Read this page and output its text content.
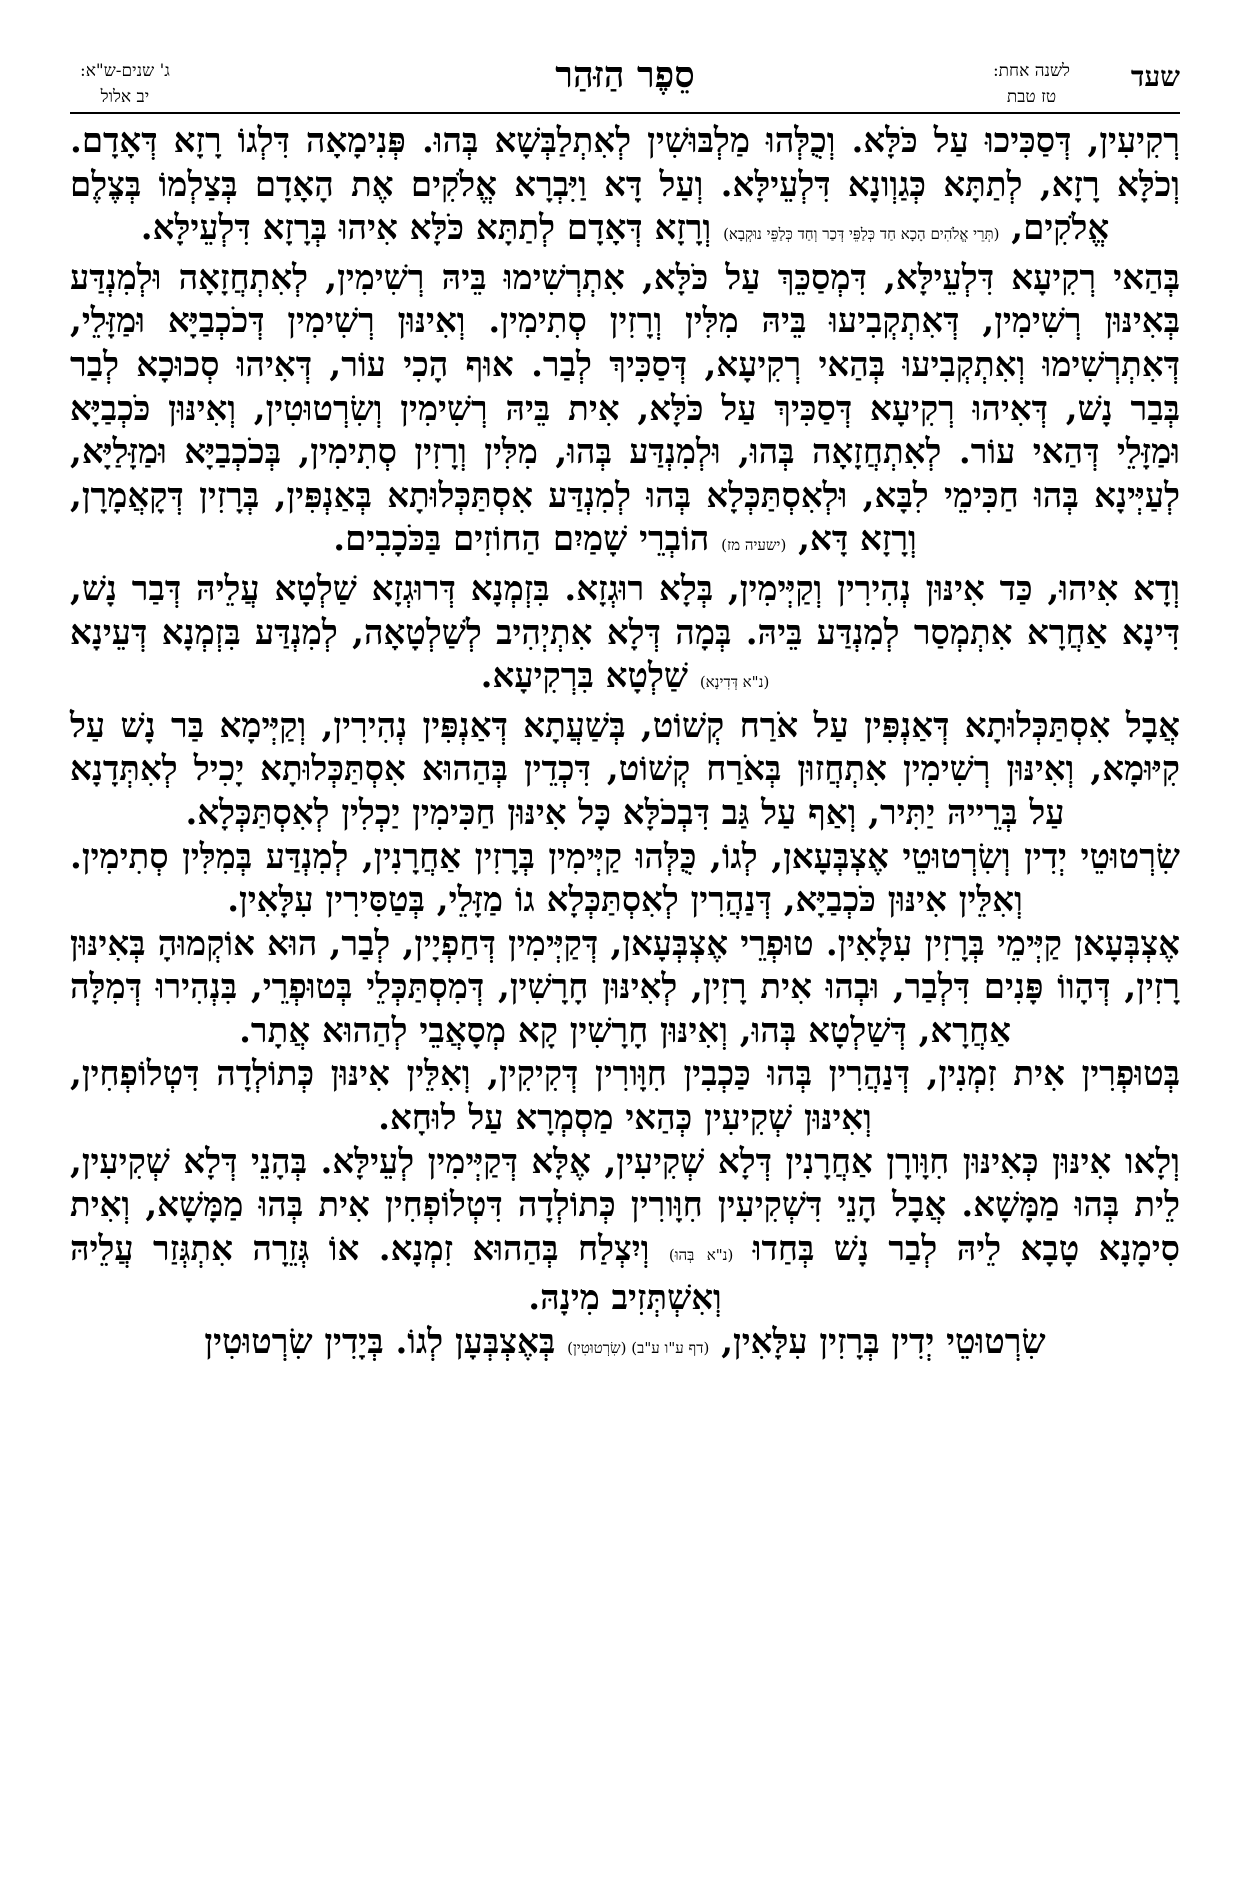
שעד
לשנה אחת:
טז טבת
סֵפֶר הַזּהַר
ג' שנים-ש"א:
יב אלול

רְקִיעִין, דְּסַכִּיכוּ עַל כֹּלָּא. וְכֻלְּהוּ מַלְבּוּשִׁין לְאִתְלַבְּשָׁא בְּהוּ. פְּנִימָאָה דִּלְגוֹ רָזָא דְּאָדָם. וְכֹלָּא רָזָא, לְתַתָּא כְּגַוְונָא דִּלְעֵילָּא. וְעַל דָּא וַיִּבְרָא אֱלֹקִים אֶת הָאָדָם בְּצַלְמוֹ בְּצֶלֶם אֱלֹקִים, (תְּרֵי אֱלֹהִים הָכָא חַד כְּלַפֵּי דְּכַר וְחַד כְּלַפֵּי נוּקְבָא) וְרָזָא דְּאָדָם לְתַתָּא כֹּלָּא אִיהוּ בְּרָזָא דִּלְעֵילָּא.

בְּהַאי רְקִיעָא דִּלְעֵילָּא, דִּמְסַכֵּךְ עַל כֹּלָּא, אִתְרְשִׁימוּ בֵּיהּ רְשִׁימִין, לְאִתְחֲזָאָה וּלְמִנְדַּע בְּאִינּוּן רְשִׁימִין, דְּאִתְקְבִיעוּ בֵּיהּ מִלִּין וְרָזִין סְתִימִין. וְאִינּוּן רְשִׁימִין דְּכֹכְבַיָּא וּמַזָּלֵי, דְּאִתְרְשִׁימוּ וְאִתְקְבִיעוּ בְּהַאי רְקִיעָא, דְּסַכִּיךְ לְבַר. אוּף הָכִי עוֹר, דְּאִיהוּ סְכוּכָא לְבַר בְּבַר נָשׁ, דְּאִיהוּ רְקִיעָא דְּסַכִּיךְ עַל כֹּלָּא, אִית בֵּיהּ רְשִׁימִין וְשִׂרְטוּטִין, וְאִינּוּן כֹּכְבַיָּא וּמַזָּלֵי דְּהַאי עוֹר. לְאִתְחֲזָאָה בְּהוּ, וּלְמִנְדַּע בְּהוּ, מִלִּין וְרָזִין סְתִימִין, בְּכֹכְבַיָּא וּמַזָּלַיָּא, לְעַיְּינָא בְּהוּ חַכִּימֵי לִבָּא, וּלְאִסְתַּכְּלָא בְּהוּ לְמִנְדַּע אִסְתַּכְּלוּתָא בְּאַנְפִּין, בְּרָזִין דְּקָאֲמָרָן, וְרָזָא דָּא, (ישעיה מז) הוֹבְרֵי שָׁמַיִם הַחוֹזִים בַּכֹּכָבִים.

וְדָא אִיהוּ, כַּד אִינּוּן נְהִירִין וְקַיְּימִין, בְּלָא רוּגְזָא. בִּזְמְנָא דְּרוּגְזָא שַׁלְטָא עֲלֵיהּ דְּבַר נָשׁ, דִּינָא אַחֲרָא אִתְמְסַר לְמִנְדַּע בֵּיהּ. בְּמָה דְּלָא אִתְיְהִיב לְשַׁלְטָאָה, לְמִנְדַּע בִּזְמְנָא דְּעֵינָא (נ"א דְּדִינָא) שַׁלְטָא בִּרְקִיעָא.

אֲבָל אִסְתַּכְּלוּתָא דְּאַנְפִּין עַל אֹרַח קְשׁוֹט, בְּשַׁעֲתָא דְּאַנְפִּין נְהִירִין, וְקַיְּימָא בַּר נָשׁ עַל קִיּוּמָא, וְאִינּוּן רְשִׁימִין אִתְחֲזוּן בְּאֹרַח קְשׁוֹט, דִּכְדֵין בְּהַהוּא אִסְתַּכְּלוּתָא יָכִיל לְאִתְּדָנָא עַל בְּרֵייהּ יַתִּיר, וְאַף עַל גַּב דִּבְכֹלָּא כָּל אִינּוּן חַכִּימִין יַכְלִין לְאִסְתַּכְּלָא.

שִׂרְטוּטֵי יְדִין וְשִׂרְטוּטֵי אֶצְבְּעָאן, לְגוֹ, כֻּלְּהוּ קַיְּימִין בְּרָזִין אַחֲרָנִין, לְמִנְדַּע בְּמִלִּין סְתִימִין. וְאִלֵּין אִינּוּן כֹּכְבַיָּא, דְּנַהֲרִין לְאִסְתַּכְּלָא גוֹ מַזָּלֵי, בְּטַסִּירִין עִלָּאִין.

אֶצְבְּעָאן קַיְּימֵי בְּרָזִין עִלָּאִין. טוּפְרֵי אֶצְבְּעָאן, דְּקַיְּימִין דְּחַפְיָין, לְבַר, הוּא אוֹקְמוּהָ בְּאִינּוּן רָזִין, דְּהָווֹ פָּנִים דִּלְבַר, וּבְהוּ אִית רָזִין, לְאִינּוּן חָרָשִׁין, דְּמִסְתַּכְּלֵי בְּטוּפְרֵי, בִּנְהִירוּ דְּמִלָּה אַחֲרָא, דְּשַׁלְטָא בְּהוּ, וְאִינּוּן חָרָשִׁין קָא מְסָאֲבֵי לְהַהוּא אֲתָר.

בְּטוּפְרִין אִית זִמְנִין, דְּנַהֲרִין בְּהוּ כַּכְבִין חִוָּורִין דְּקִיקִין, וְאִלֵּין אִינּוּן כְּתוֹלְדָה דִּטְלוֹפְחִין, וְאִינּוּן שְׁקִיעִין כְּהַאי מַסְמְרָא עַל לוּחָא.

וְלָאו אִינּוּן כְּאִינּוּן חִוָּורָן אַחֲרָנִין דְּלָא שְׁקִיעִין, אֶלָּא דְּקַיְּימִין לְעֵילָּא. בְּהָנֵי דְּלָא שְׁקִיעִין, לֵית בְּהוּ מַמָּשָׁא. אֲבָל הָנֵי דִּשְׁקִיעִין חִוָּורִין כְּתוֹלְדָה דִּטְלוֹפְחִין אִית בְּהוּ מַמָּשָׁא, וְאִית סִימָנָא טָבָא לֵיהּ לְבַר נָשׁ בְּחַדוּ (נ"א בְּהוּ) וְיִצְלַח בְּהַהוּא זִמְנָא. אוֹ גְּזֵרָה אִתְגְּזַר עֲלֵיהּ וְאִשְׁתְּזִיב מִינָהּ.

שִׂרְטוּטֵי יְדִין בְּרָזִין עִלָּאִין, (דף ע"ו ע"ב) (שִׂרְטוּטִין) בְּאֶצְבְּעָן לְגוֹ. בְּיָדִין שִׂרְטוּטִין
